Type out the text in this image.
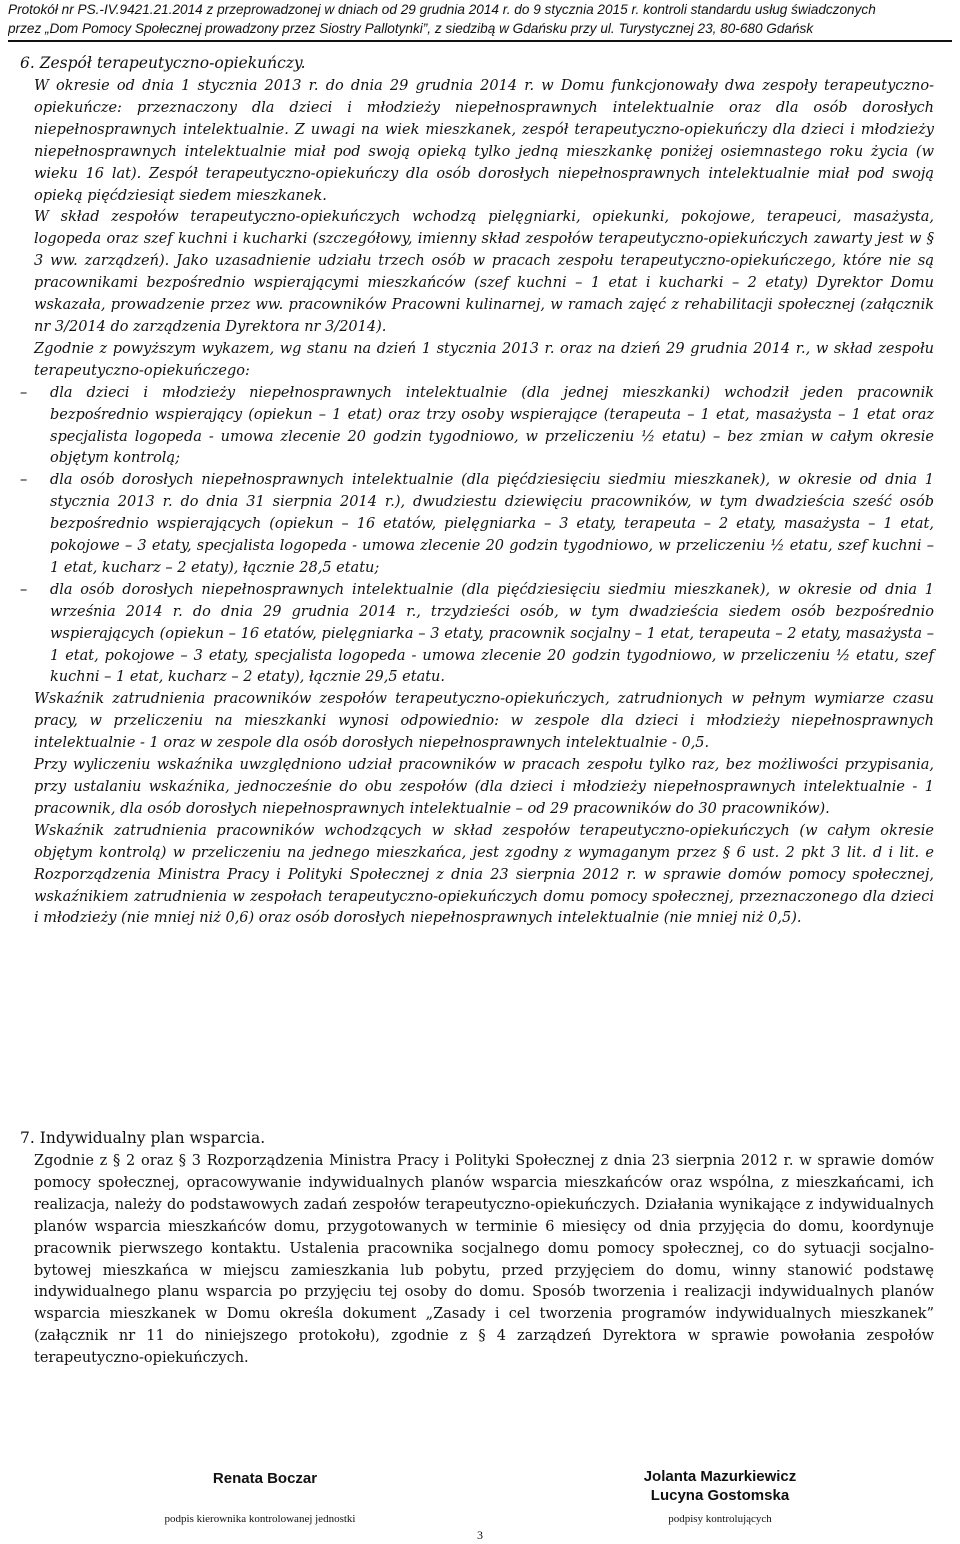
Protokół nr PS.-IV.9421.21.2014 z przeprowadzonej w dniach od 29 grudnia 2014 r. do 9 stycznia 2015 r. kontroli standardu usług świadczonych
przez „Dom Pomocy Społecznej prowadzony przez Siostry Pallotynki”, z siedzibą w Gdańsku przy ul. Turystycznej 23, 80-680 Gdańsk
6. Zespół terapeutyczno-opiekuńczy.

W okresie od dnia 1 stycznia 2013 r. do dnia 29 grudnia 2014 r. w Domu funkcjonowały dwa zespoły terapeutyczno-opiekuńcze: przeznaczony dla dzieci i młodzieży niepełnosprawnych intelektualnie oraz dla osób dorosłych niepełnosprawnych intelektualnie. Z uwagi na wiek mieszkanek, zespół terapeutyczno-opiekuńczy dla dzieci i młodzieży niepełnosprawnych intelektualnie miał pod swoją opieką tylko jedną mieszkankę poniżej osiemnastego roku życia (w wieku 16 lat). Zespół terapeutyczno-opiekuńczy dla osób dorosłych niepełnosprawnych intelektualnie miał pod swoją opieką pięćdziesiąt siedem mieszkanek.

W skład zespołów terapeutyczno-opiekuńczych wchodzą pielęgniarki, opiekunki, pokojowe, terapeuci, masażysta, logopeda oraz szef kuchni i kucharki (szczegółowy, imienny skład zespołów terapeutyczno-opiekuńczych zawarty jest w § 3 ww. zarządzeń). Jako uzasadnienie udziału trzech osób w pracach zespołu terapeutyczno-opiekuńczego, które nie są pracownikami bezpośrednio wspierającymi mieszkańców (szef kuchni – 1 etat i kucharki – 2 etaty) Dyrektor Domu wskazała, prowadzenie przez ww. pracowników Pracowni kulinarnej, w ramach zajęć z rehabilitacji społecznej (załącznik nr 3/2014 do zarządzenia Dyrektora nr 3/2014).

Zgodnie z powyższym wykazem, wg stanu na dzień 1 stycznia 2013 r. oraz na dzień 29 grudnia 2014 r., w skład zespołu terapeutyczno-opiekuńczego:

– dla dzieci i młodzieży niepełnosprawnych intelektualnie (dla jednej mieszkanki) wchodził jeden pracownik bezpośrednio wspierający (opiekun – 1 etat) oraz trzy osoby wspierające (terapeuta – 1 etat, masażysta – 1 etat oraz specjalista logopeda - umowa zlecenie 20 godzin tygodniowo, w przeliczeniu ½ etatu) – bez zmian w całym okresie objętym kontrolą;

– dla osób dorosłych niepełnosprawnych intelektualnie (dla pięćdziesięciu siedmiu mieszkanek), w okresie od dnia 1 stycznia 2013 r. do dnia 31 sierpnia 2014 r.), dwudziestu dziewięciu pracowników, w tym dwadzieścia sześć osób bezpośrednio wspierających (opiekun – 16 etatów, pielęgniarka – 3 etaty, terapeuta – 2 etaty, masażysta – 1 etat, pokojowe – 3 etaty, specjalista logopeda - umowa zlecenie 20 godzin tygodniowo, w przeliczeniu ½ etatu, szef kuchni – 1 etat, kucharz – 2 etaty), łącznie 28,5 etatu;

– dla osób dorosłych niepełnosprawnych intelektualnie (dla pięćdziesięciu siedmiu mieszkanek), w okresie od dnia 1 września 2014 r. do dnia 29 grudnia 2014 r., trzydzieści osób, w tym dwadzieścia siedem osób bezpośrednio wspierających (opiekun – 16 etatów, pielęgniarka – 3 etaty, pracownik socjalny – 1 etat, terapeuta – 2 etaty, masażysta – 1 etat, pokojowe – 3 etaty, specjalista logopeda - umowa zlecenie 20 godzin tygodniowo, w przeliczeniu ½ etatu, szef kuchni – 1 etat, kucharz – 2 etaty), łącznie 29,5 etatu.

Wskaźnik zatrudnienia pracowników zespołów terapeutyczno-opiekuńczych, zatrudnionych w pełnym wymiarze czasu pracy, w przeliczeniu na mieszkanki wynosi odpowiednio: w zespole dla dzieci i młodzieży niepełnosprawnych intelektualnie - 1 oraz w zespole dla osób dorosłych niepełnosprawnych intelektualnie - 0,5.

Przy wyliczeniu wskaźnika uwzględniono udział pracowników w pracach zespołu tylko raz, bez możliwości przypisania, przy ustalaniu wskaźnika, jednocześnie do obu zespołów (dla dzieci i młodzieży niepełnosprawnych intelektualnie - 1 pracownik, dla osób dorosłych niepełnosprawnych intelektualnie – od 29 pracowników do 30 pracowników).

Wskaźnik zatrudnienia pracowników wchodzących w skład zespołów terapeutyczno-opiekuńczych (w całym okresie objętym kontrolą) w przeliczeniu na jednego mieszkańca, jest zgodny z wymaganym przez § 6 ust. 2 pkt 3 lit. d i lit. e Rozporządzenia Ministra Pracy i Polityki Społecznej z dnia 23 sierpnia 2012 r. w sprawie domów pomocy społecznej, wskaźnikiem zatrudnienia w zespołach terapeutyczno-opiekuńczych domu pomocy społecznej, przeznaczonego dla dzieci i młodzieży (nie mniej niż 0,6) oraz osób dorosłych niepełnosprawnych intelektualnie (nie mniej niż 0,5).

7. Indywidualny plan wsparcia.

Zgodnie z § 2 oraz § 3 Rozporządzenia Ministra Pracy i Polityki Społecznej z dnia 23 sierpnia 2012 r. w sprawie domów pomocy społecznej, opracowywanie indywidualnych planów wsparcia mieszkańców oraz wspólna, z mieszkańcami, ich realizacja, należy do podstawowych zadań zespołów terapeutyczno-opiekuńczych. Działania wynikające z indywidualnych planów wsparcia mieszkańców domu, przygotowanych w terminie 6 miesięcy od dnia przyjęcia do domu, koordynuje pracownik pierwszego kontaktu. Ustalenia pracownika socjalnego domu pomocy społecznej, co do sytuacji socjalno-bytowej mieszkańca w miejscu zamieszkania lub pobytu, przed przyjęciem do domu, winny stanowić podstawę indywidualnego planu wsparcia po przyjęciu tej osoby do domu. Sposób tworzenia i realizacji indywidualnych planów wsparcia mieszkanek w Domu określa dokument „Zasady i cel tworzenia programów indywidualnych mieszkanek” (załącznik nr 11 do niniejszego protokołu), zgodnie z § 4 zarządzeń Dyrektora w sprawie powołania zespołów terapeutyczno-opiekuńczych.

Renata Boczar
podpis kierownika kontrolowanej jednostki
Jolanta Mazurkiewicz
Lucyna Gostomska
podpisy kontrolujących
3
